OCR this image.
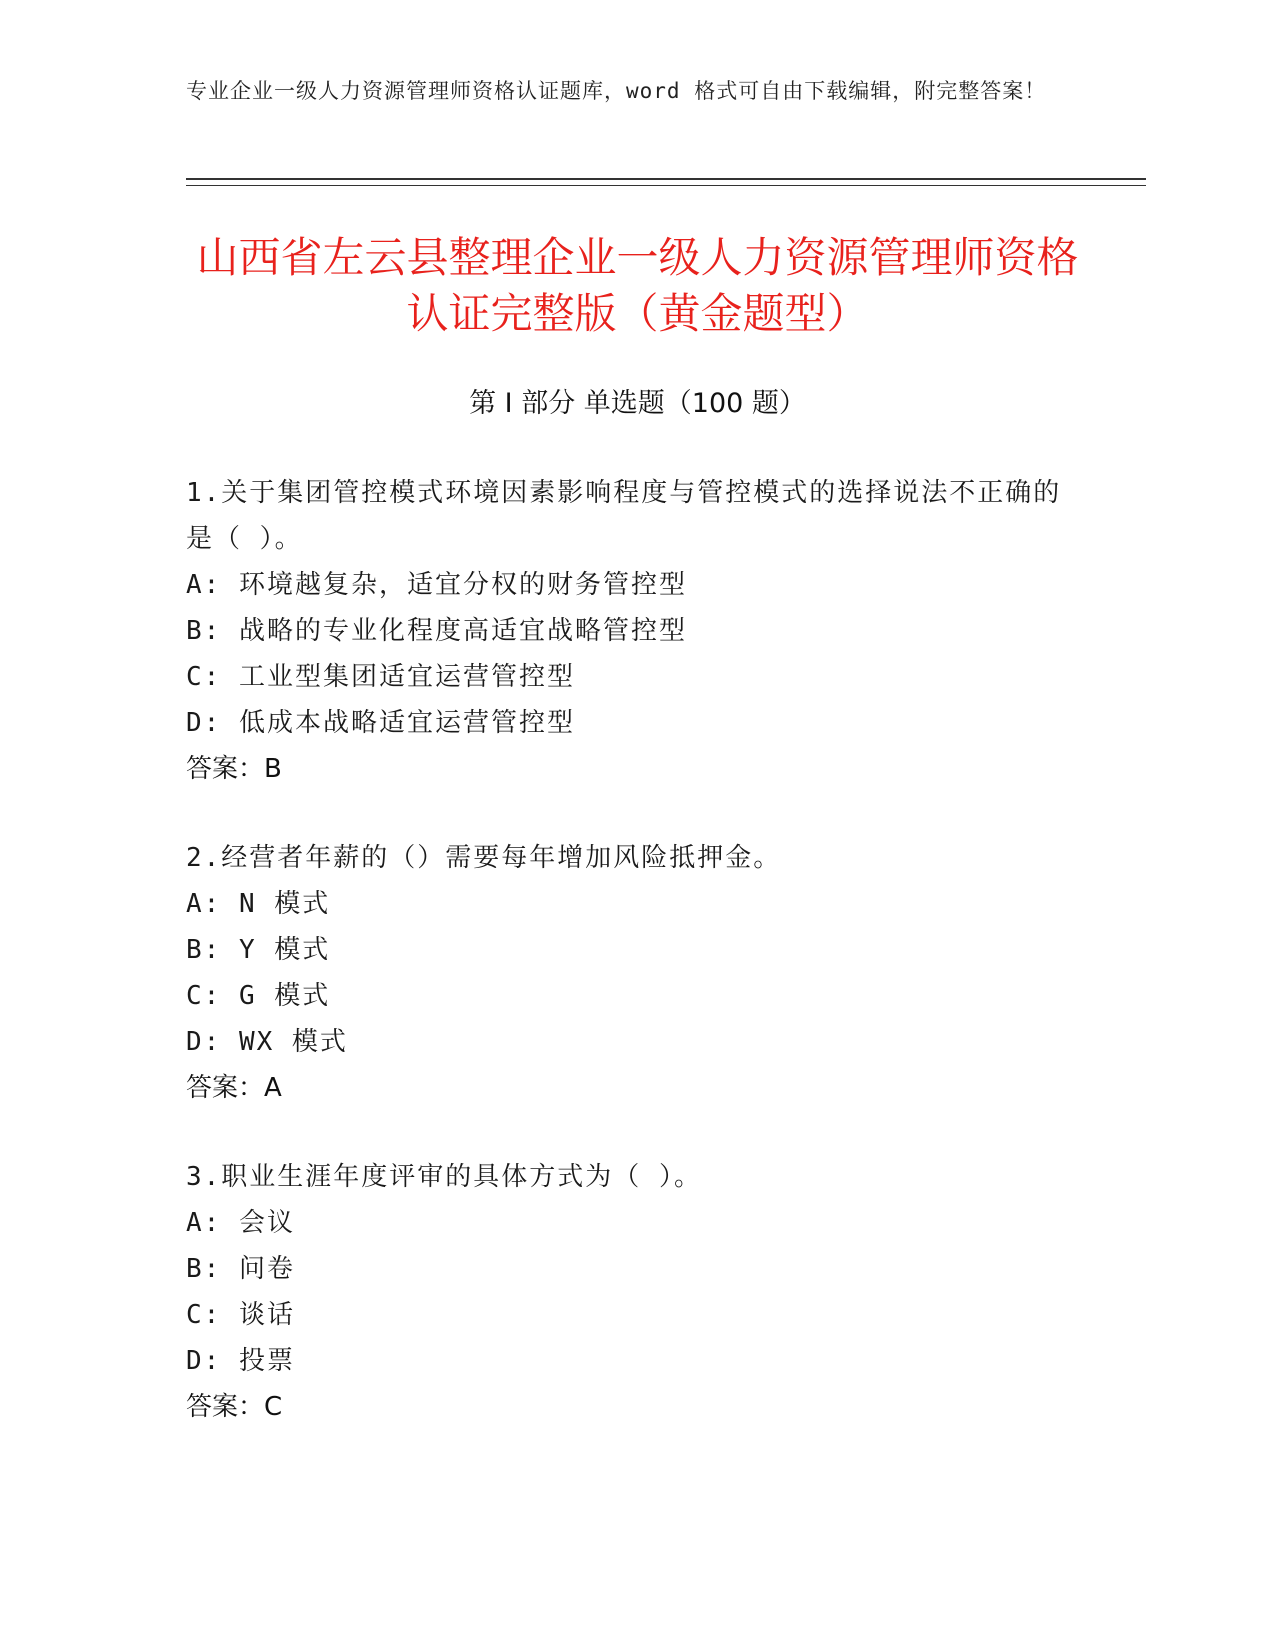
专业企业一级人力资源管理师资格认证题库，word 格式可自由下载编辑，附完整答案！
山西省左云县整理企业一级人力资源管理师资格认证完整版（黄金题型）
第 I 部分 单选题（100 题）
1.关于集团管控模式环境因素影响程度与管控模式的选择说法不正确的是（ ）。
A: 环境越复杂，适宜分权的财务管控型
B: 战略的专业化程度高适宜战略管控型
C: 工业型集团适宜运营管控型
D: 低成本战略适宜运营管控型
答案：B
2.经营者年薪的（）需要每年增加风险抵押金。
A: N 模式
B: Y 模式
C: G 模式
D: WX 模式
答案：A
3.职业生涯年度评审的具体方式为（ ）。
A: 会议
B: 问卷
C: 谈话
D: 投票
答案：C
